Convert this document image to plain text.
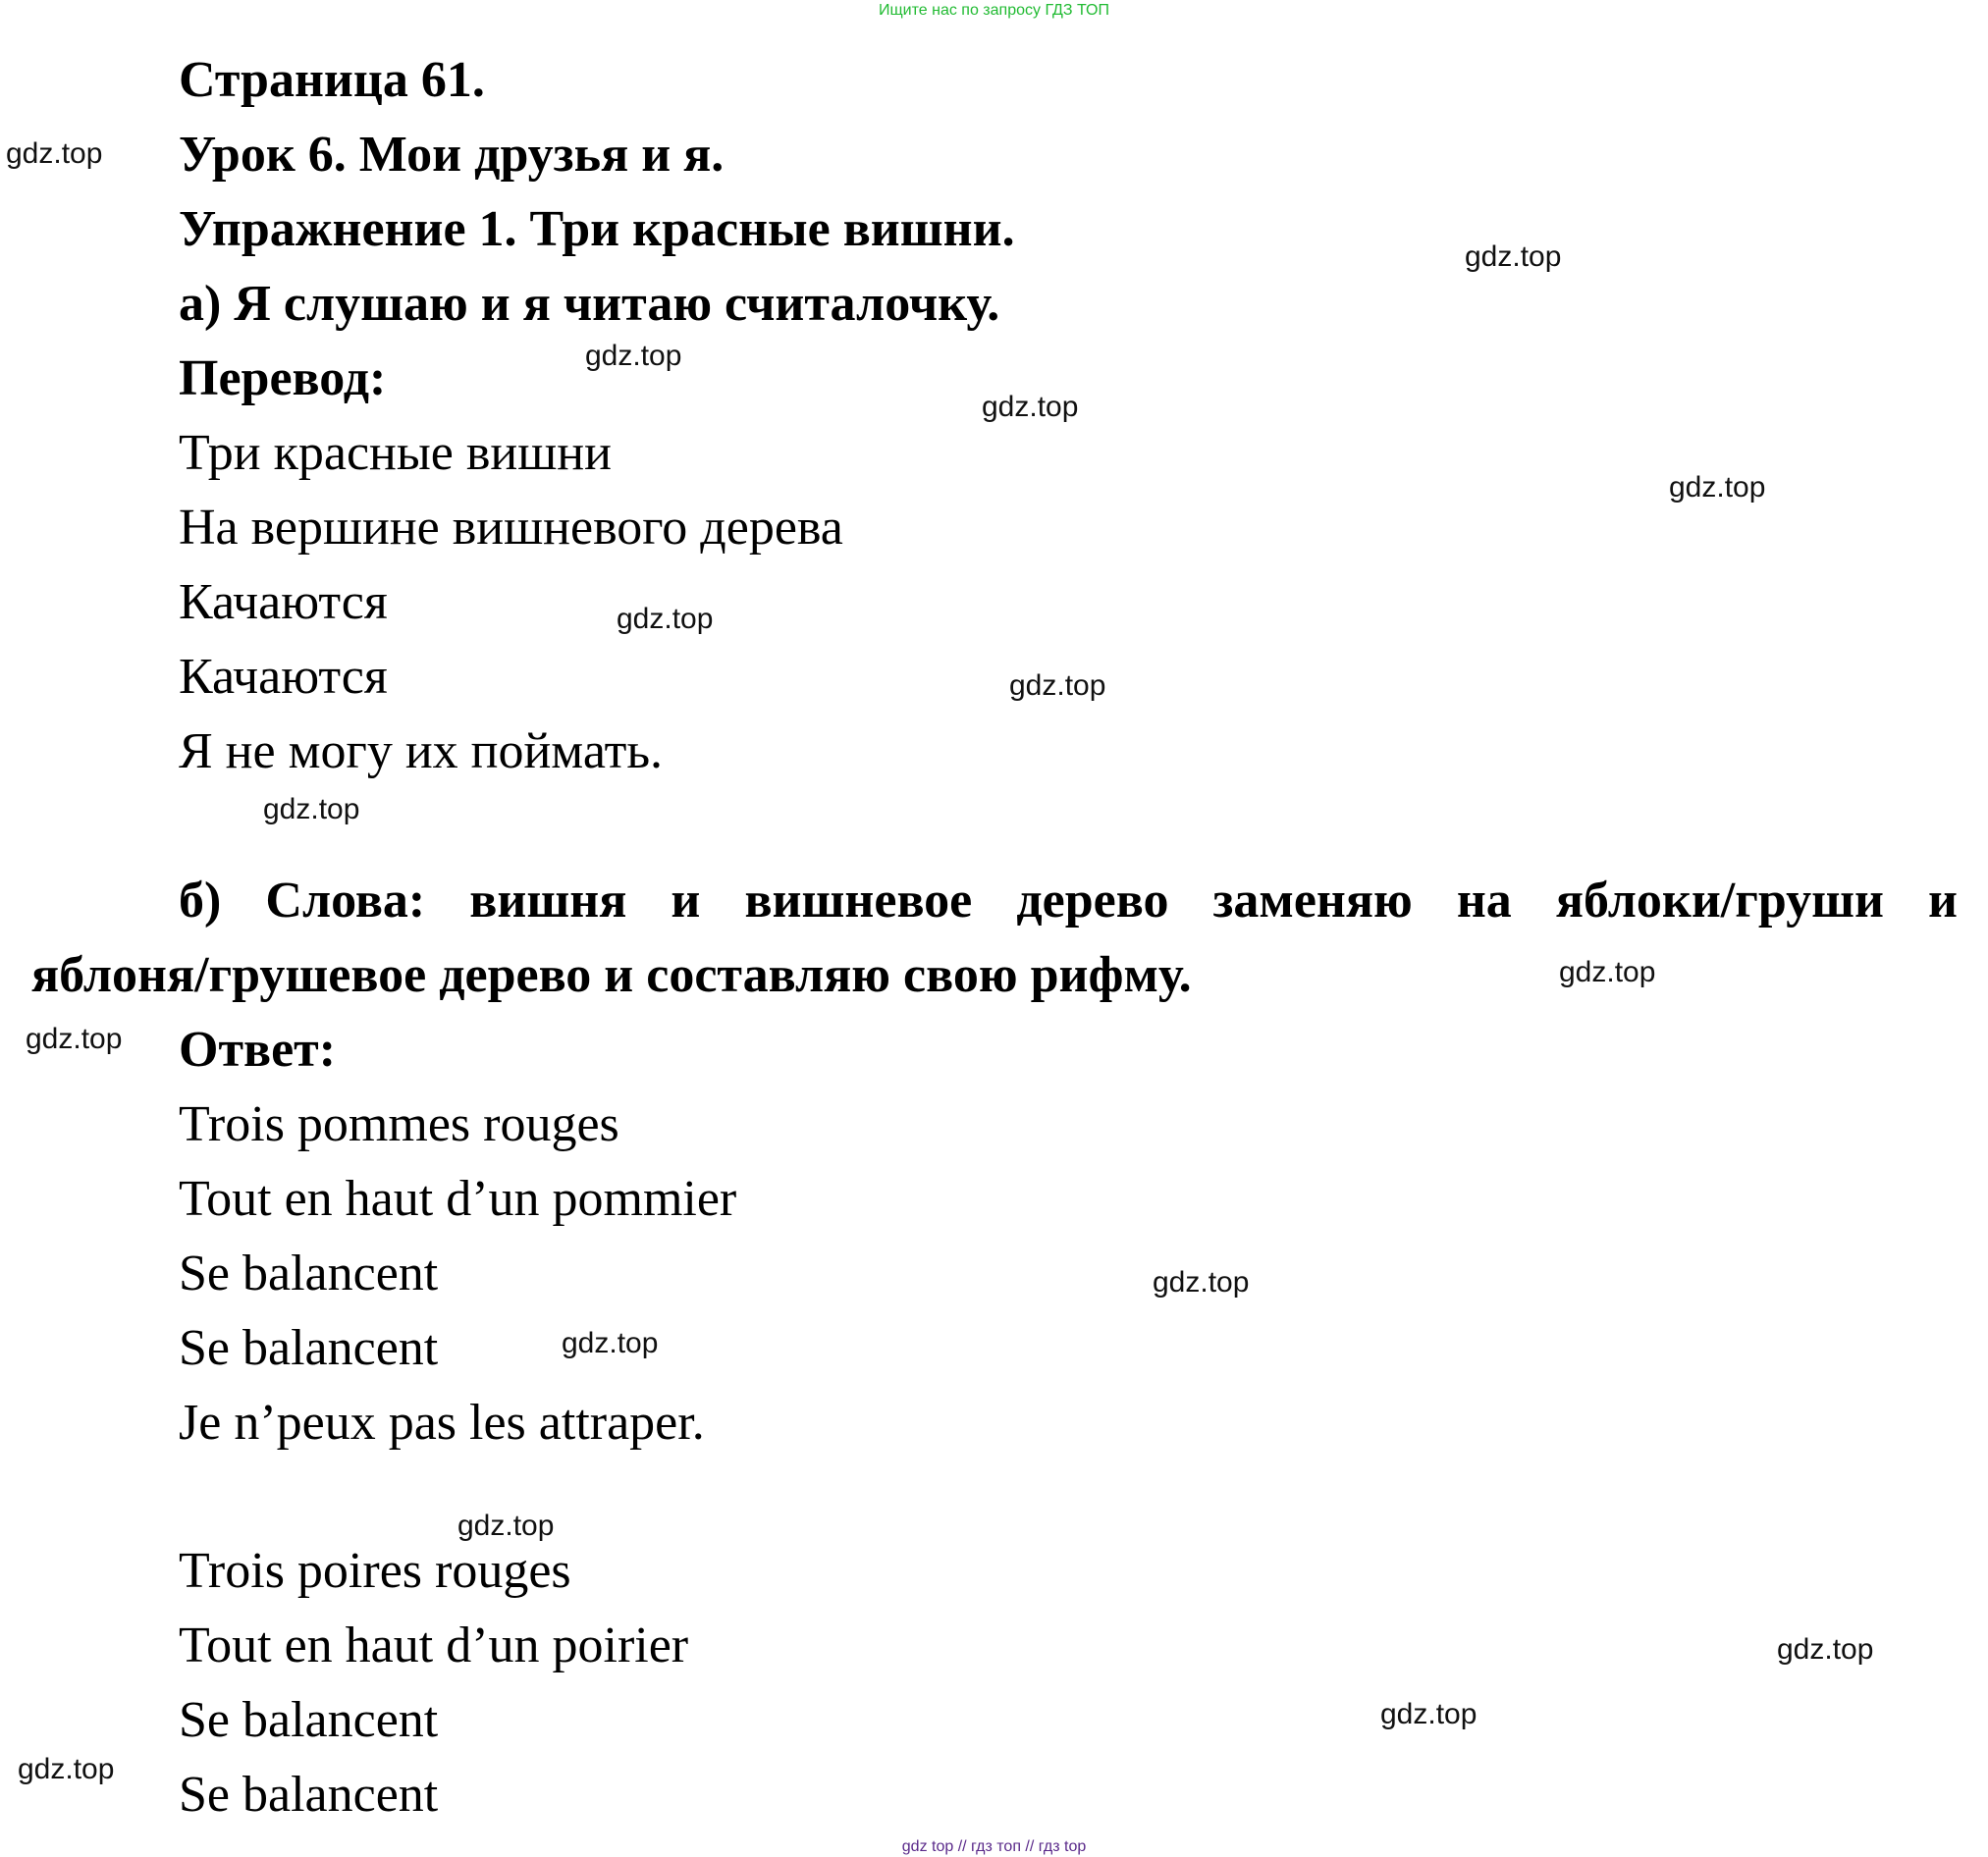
Ищите нас по запросу ГДЗ ТОП
Страница 61.
Урок 6. Мои друзья и я.
Упражнение 1. Три красные вишни.
а) Я слушаю и я читаю считалочку.
Перевод:
Три красные вишни
На вершине вишневого дерева
Качаются
Качаются
Я не могу их поймать.
б) Слова: вишня и вишневое дерево заменяю на яблоки/груши и
яблоня/грушевое дерево и составляю свою рифму.
Ответ:
Trois pommes rouges
Tout en haut d’un pommier
Se balancent
Se balancent
Je n’peux pas les attraper.
Trois poires rouges
Tout en haut d’un poirier
Se balancent
Se balancent
gdz.top
gdz.top
gdz.top
gdz.top
gdz.top
gdz.top
gdz.top
gdz.top
gdz.top
gdz.top
gdz.top
gdz.top
gdz.top
gdz.top
gdz.top
gdz.top
gdz top // гдз топ // гдз top
